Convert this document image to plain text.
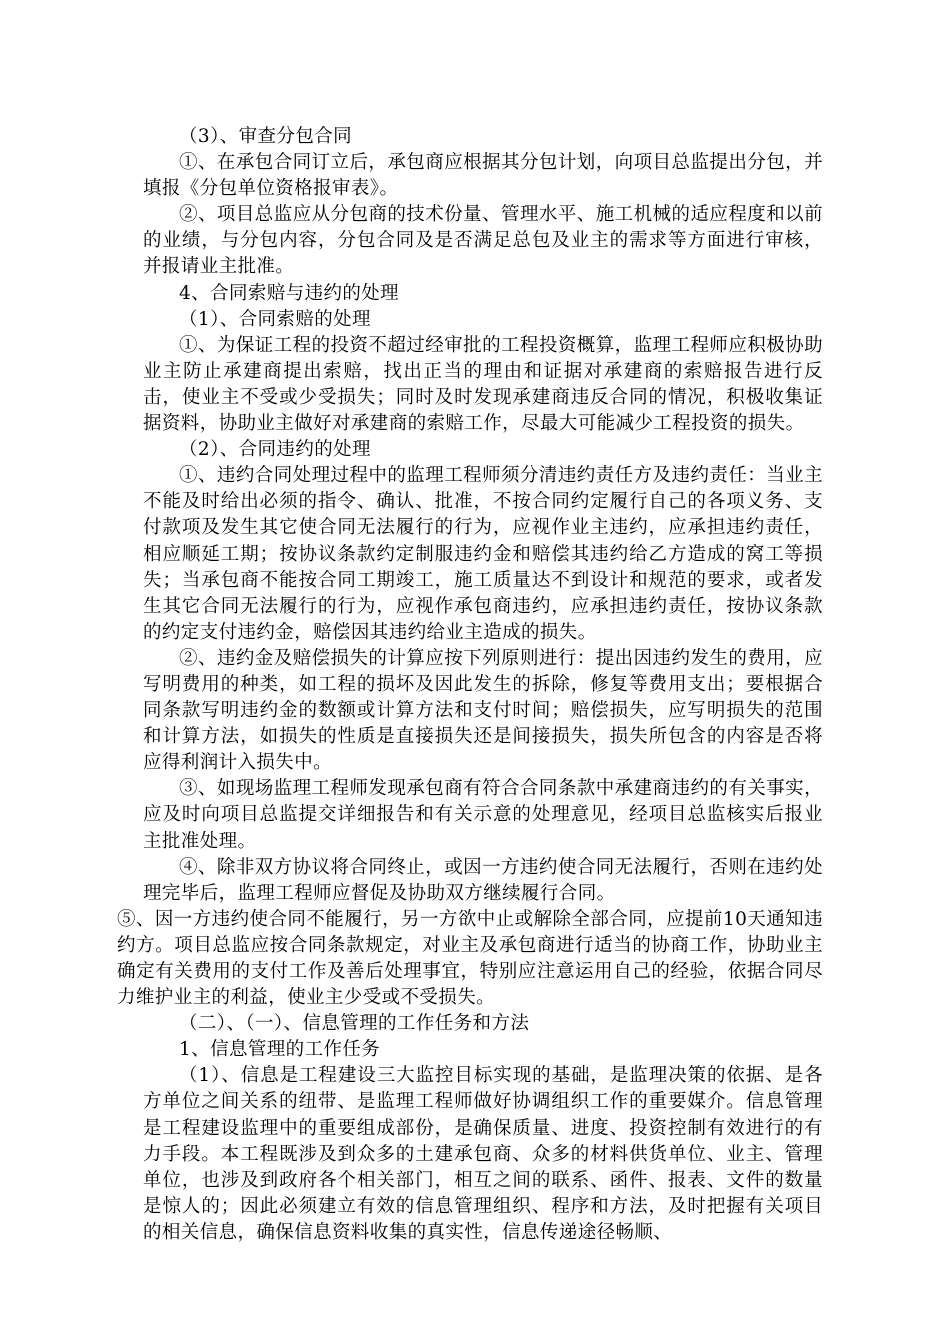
（3）、审查分包合同

①、在承包合同订立后，承包商应根据其分包计划，向项目总监提出分包，并填报《分包单位资格报审表》。

②、项目总监应从分包商的技术份量、管理水平、施工机械的适应程度和以前的业绩，与分包内容，分包合同及是否满足总包及业主的需求等方面进行审核，并报请业主批准。

4、合同索赔与违约的处理

（1）、合同索赔的处理

①、为保证工程的投资不超过经审批的工程投资概算，监理工程师应积极协助业主防止承建商提出索赔，找出正当的理由和证据对承建商的索赔报告进行反击，使业主不受或少受损失；同时及时发现承建商违反合同的情况，积极收集证据资料，协助业主做好对承建商的索赔工作，尽最大可能减少工程投资的损失。

（2）、合同违约的处理

①、违约合同处理过程中的监理工程师须分清违约责任方及违约责任：当业主不能及时给出必须的指令、确认、批准，不按合同约定履行自己的各项义务、支付款项及发生其它使合同无法履行的行为，应视作业主违约，应承担违约责任，相应顺延工期；按协议条款约定制服违约金和赔偿其违约给乙方造成的窝工等损失；当承包商不能按合同工期竣工，施工质量达不到设计和规范的要求，或者发生其它合同无法履行的行为，应视作承包商违约，应承担违约责任，按协议条款的约定支付违约金，赔偿因其违约给业主造成的损失。

②、违约金及赔偿损失的计算应按下列原则进行：提出因违约发生的费用，应写明费用的种类，如工程的损坏及因此发生的拆除，修复等费用支出；要根据合同条款写明违约金的数额或计算方法和支付时间；赔偿损失，应写明损失的范围和计算方法，如损失的性质是直接损失还是间接损失，损失所包含的内容是否将应得利润计入损失中。

③、如现场监理工程师发现承包商有符合合同条款中承建商违约的有关事实，应及时向项目总监提交详细报告和有关示意的处理意见，经项目总监核实后报业主批准处理。

④、除非双方协议将合同终止，或因一方违约使合同无法履行，否则在违约处理完毕后，监理工程师应督促及协助双方继续履行合同。

⑤、因一方违约使合同不能履行，另一方欲中止或解除全部合同，应提前10天通知违约方。项目总监应按合同条款规定，对业主及承包商进行适当的协商工作，协助业主确定有关费用的支付工作及善后处理事宜，特别应注意运用自己的经验，依据合同尽力维护业主的利益，使业主少受或不受损失。

（二）、（一）、信息管理的工作任务和方法

1、信息管理的工作任务

（1）、信息是工程建设三大监控目标实现的基础，是监理决策的依据、是各方单位之间关系的纽带、是监理工程师做好协调组织工作的重要媒介。信息管理是工程建设监理中的重要组成部份，是确保质量、进度、投资控制有效进行的有力手段。本工程既涉及到众多的土建承包商、众多的材料供货单位、业主、管理单位，也涉及到政府各个相关部门，相互之间的联系、函件、报表、文件的数量是惊人的；因此必须建立有效的信息管理组织、程序和方法，及时把握有关项目的相关信息，确保信息资料收集的真实性，信息传递途径畅顺、
